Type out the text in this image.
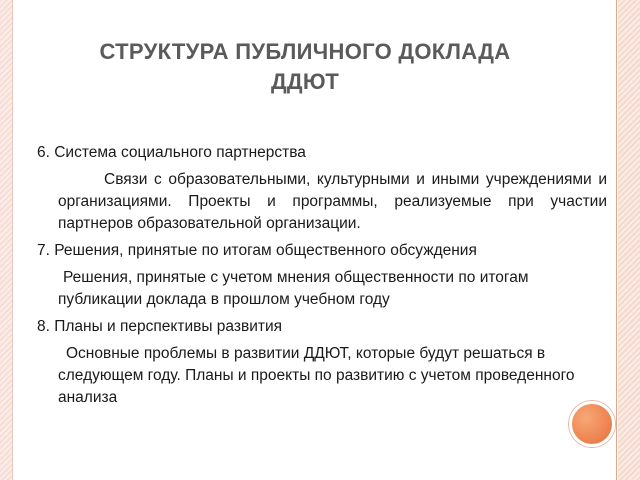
СТРУКТУРА ПУБЛИЧНОГО ДОКЛАДА
ДДЮТ
6. Система социального партнерства
Связи с образовательными, культурными и иными учреждениями и организациями. Проекты и программы, реализуемые при участии партнеров образовательной организации.
7. Решения, принятые по итогам общественного обсуждения
Решения, принятые с учетом мнения общественности по итогам публикации доклада в прошлом учебном году
8. Планы и перспективы развития
Основные проблемы в развитии ДДЮТ, которые будут решаться в следующем году. Планы и проекты по развитию с учетом проведенного анализа
